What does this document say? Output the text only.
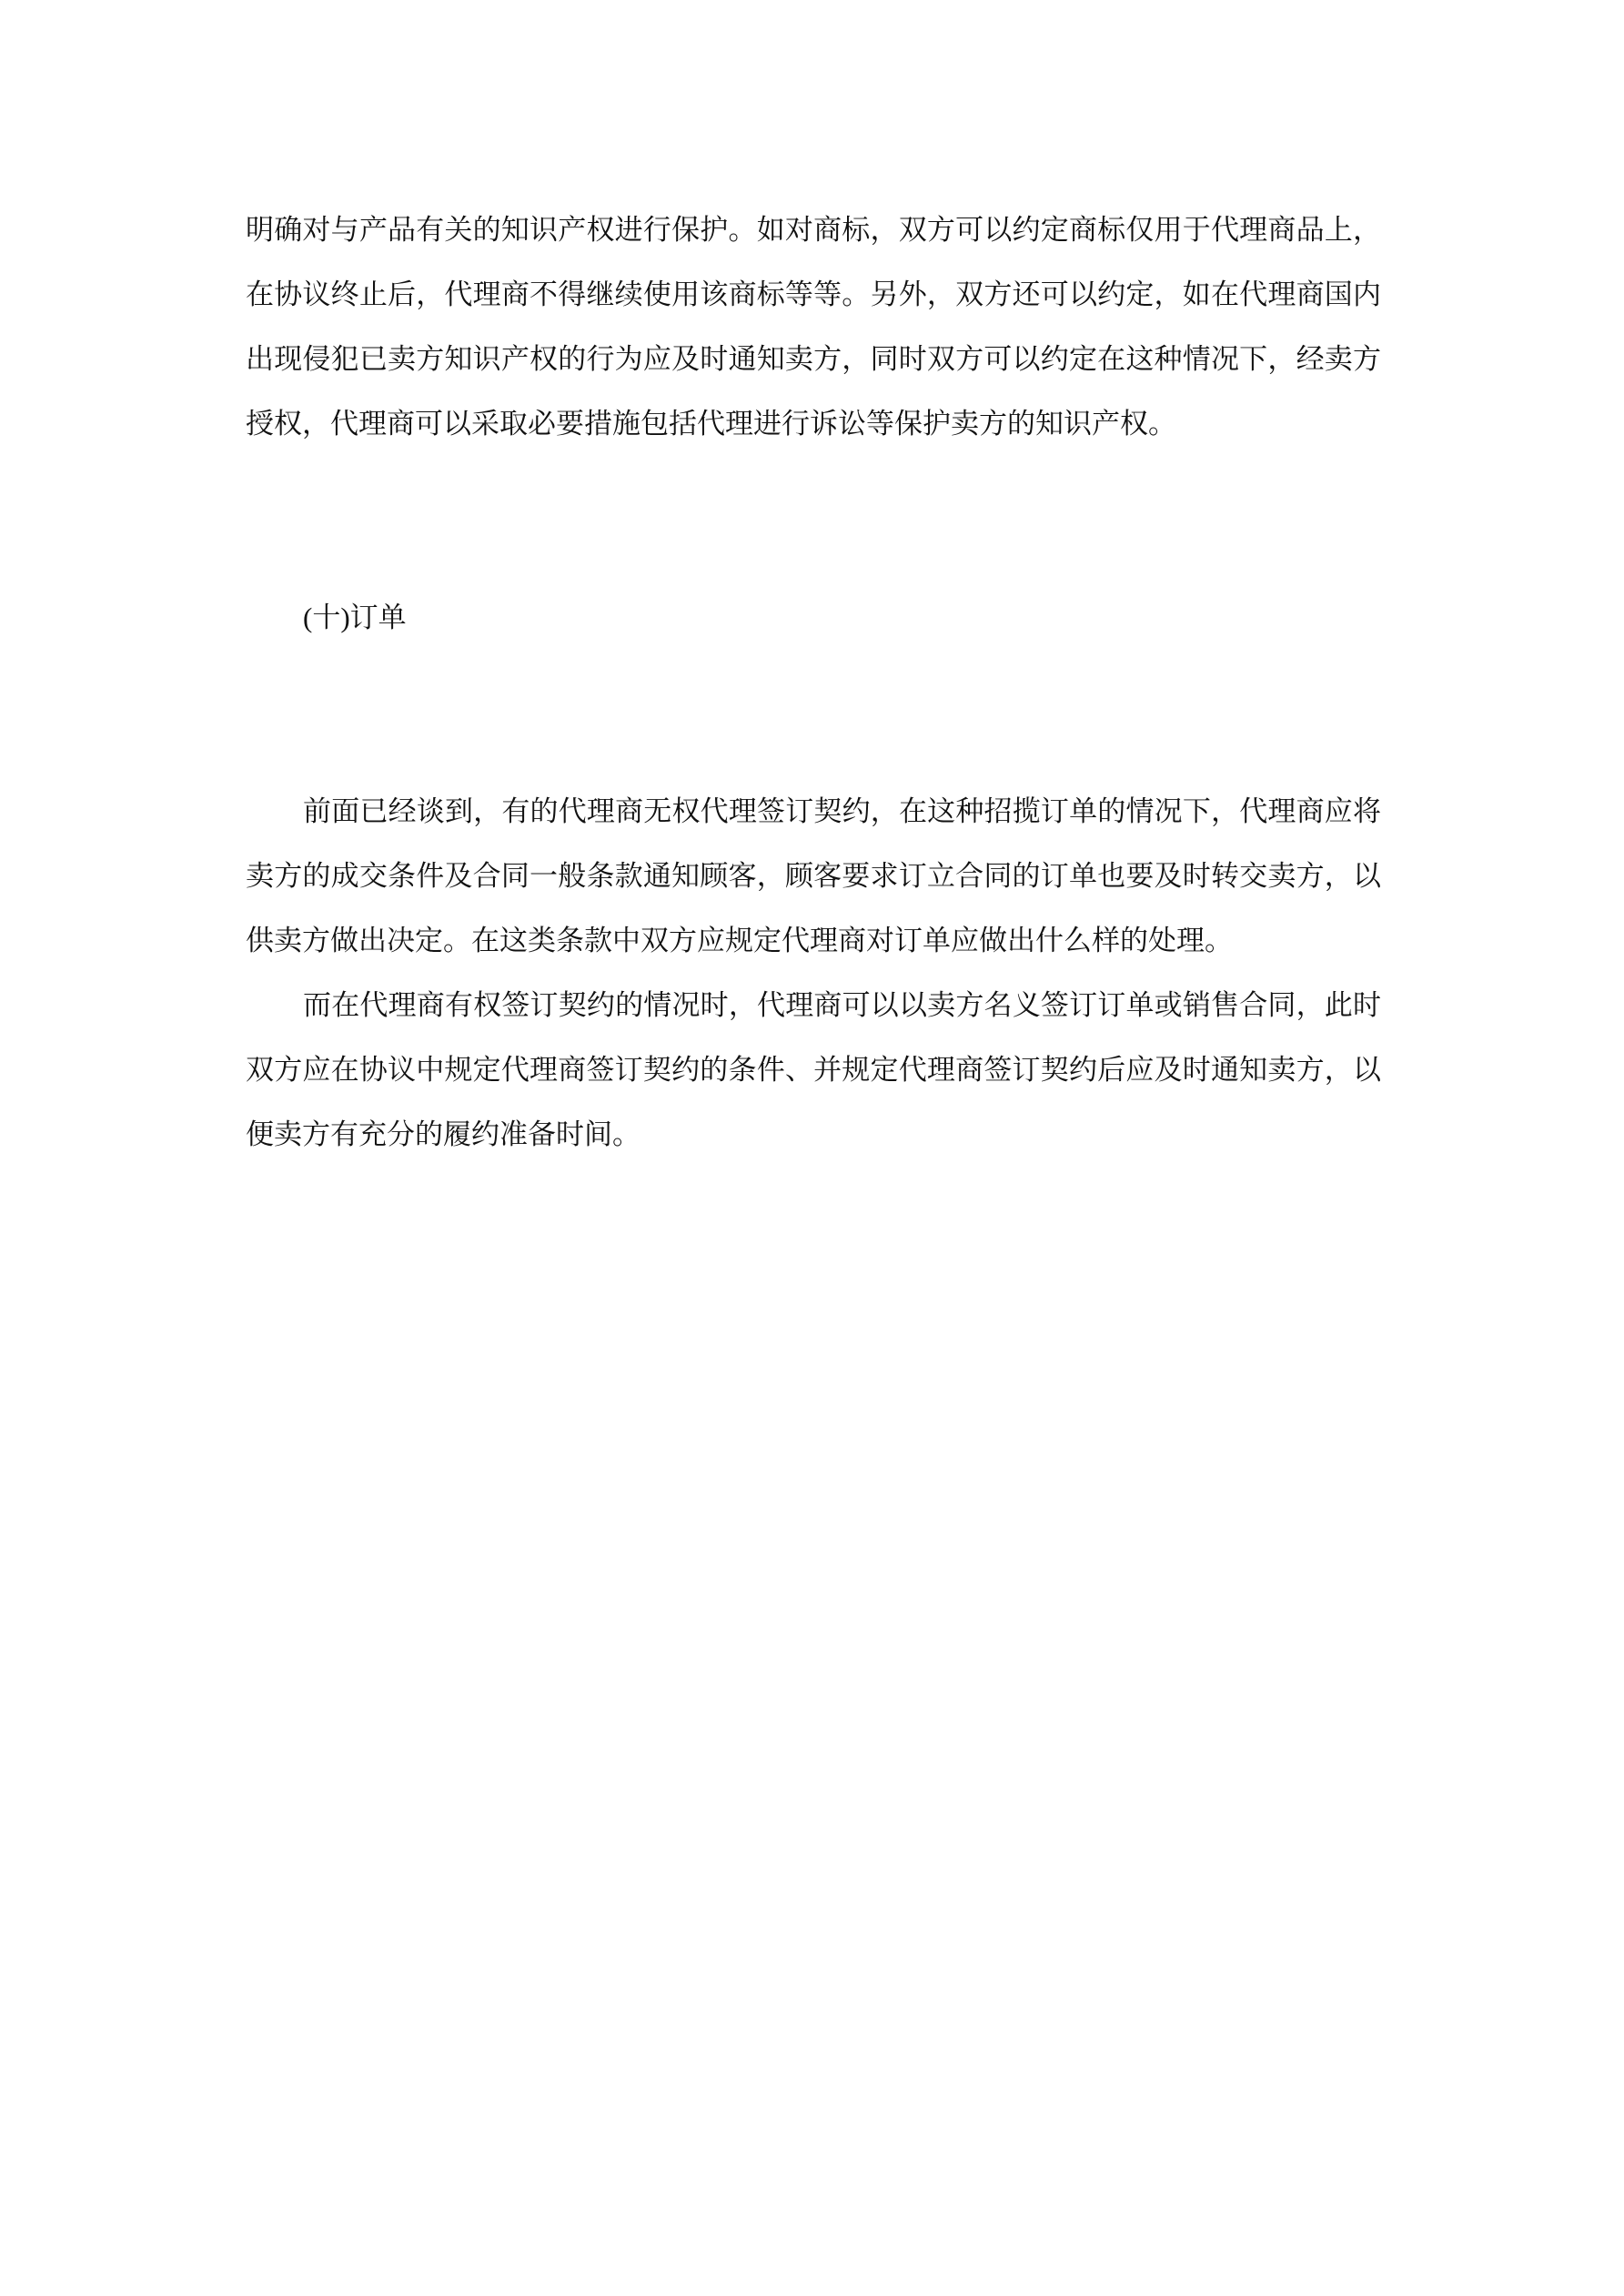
明确对与产品有关的知识产权进行保护。如对商标，双方可以约定商标仅用于代理商品上，
在协议终止后，代理商不得继续使用该商标等等。另外，双方还可以约定，如在代理商国内
出现侵犯已卖方知识产权的行为应及时通知卖方，同时双方可以约定在这种情况下，经卖方
授权，代理商可以采取必要措施包括代理进行诉讼等保护卖方的知识产权。
(十)订单
前面已经谈到，有的代理商无权代理签订契约，在这种招揽订单的情况下，代理商应将
卖方的成交条件及合同一般条款通知顾客，顾客要求订立合同的订单也要及时转交卖方，以
供卖方做出决定。在这类条款中双方应规定代理商对订单应做出什么样的处理。
而在代理商有权签订契约的情况时，代理商可以以卖方名义签订订单或销售合同，此时
双方应在协议中规定代理商签订契约的条件、并规定代理商签订契约后应及时通知卖方，以
便卖方有充分的履约准备时间。
